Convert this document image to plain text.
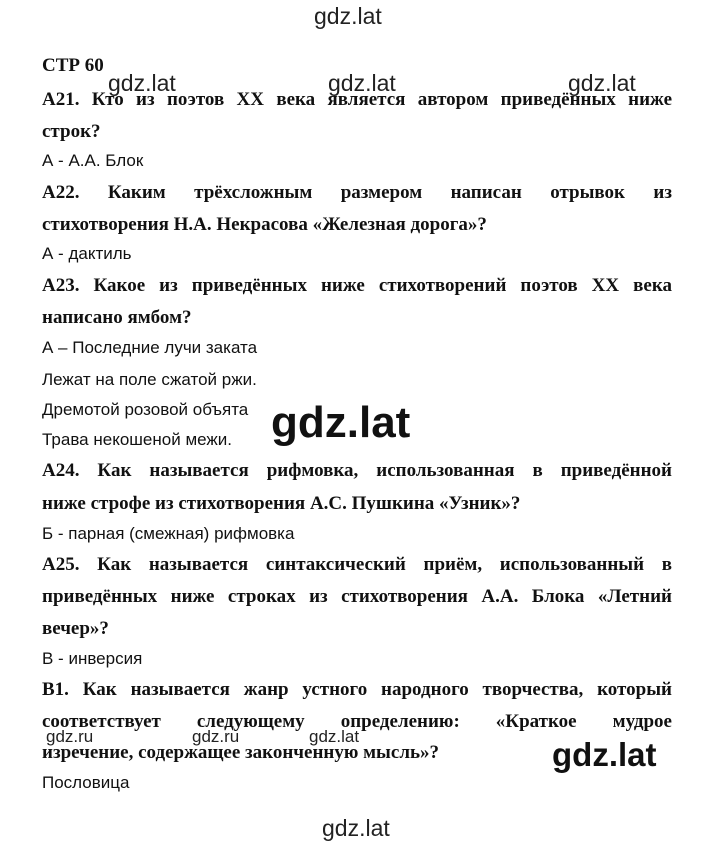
СТР 60
А21. Кто из поэтов XX века является автором приведённых ниже
строк?
А - А.А. Блок
А22. Каким трёхсложным размером написан отрывок из
стихотворения Н.А. Некрасова «Железная дорога»?
А - дактиль
А23. Какое из приведённых ниже стихотворений поэтов XX века
написано ямбом?
А – Последние лучи заката
Лежат на поле сжатой ржи.
Дремотой розовой объята
Трава некошеной межи.
А24. Как называется рифмовка, использованная в приведённой
ниже строфе из стихотворения А.С. Пушкина «Узник»?
Б - парная (смежная) рифмовка
А25. Как называется синтаксический приём, использованный в
приведённых ниже строках из стихотворения А.А. Блока «Летний
вечер»?
В - инверсия
В1. Как называется жанр устного народного творчества, который
соответствует следующему определению: «Краткое мудрое
изречение, содержащее законченную мысль»?
Пословица
gdz.lat
gdz.lat	gdz.lat	gdz.lat
gdz.lat
gdz.ru	gdz.ru	gdz.lat	gdz.lat
gdz.lat
